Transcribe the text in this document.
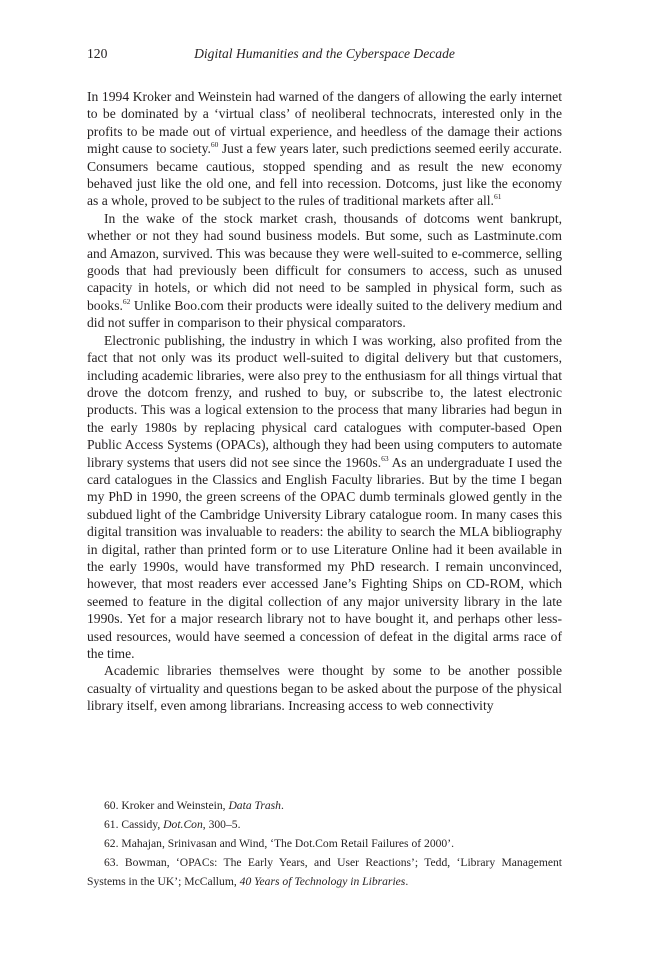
120	Digital Humanities and the Cyberspace Decade

In 1994 Kroker and Weinstein had warned of the dangers of allowing the early internet to be dominated by a ‘virtual class’ of neoliberal technocrats, interested only in the profits to be made out of virtual experience, and heedless of the damage their actions might cause to society.$^{60}$ Just a few years later, such predictions seemed eerily accurate. Consumers became cautious, stopped spending and as result the new economy behaved just like the old one, and fell into recession. Dotcoms, just like the economy as a whole, proved to be subject to the rules of traditional markets after all.$^{61}$

In the wake of the stock market crash, thousands of dotcoms went bankrupt, whether or not they had sound business models. But some, such as Lastminute.com and Amazon, survived. This was because they were well-suited to e-commerce, selling goods that had previously been difficult for consumers to access, such as unused capacity in hotels, or which did not need to be sampled in physical form, such as books.$^{62}$ Unlike Boo.com their products were ideally suited to the delivery medium and did not suffer in comparison to their physical comparators.

Electronic publishing, the industry in which I was working, also profited from the fact that not only was its product well-suited to digital delivery but that customers, including academic libraries, were also prey to the enthusiasm for all things virtual that drove the dotcom frenzy, and rushed to buy, or subscribe to, the latest electronic products. This was a logical extension to the process that many libraries had begun in the early 1980s by replacing physical card catalogues with computer-based Open Public Access Systems (OPACs), although they had been using computers to automate library systems that users did not see since the 1960s.$^{63}$ As an undergraduate I used the card catalogues in the Classics and English Faculty libraries. But by the time I began my PhD in 1990, the green screens of the OPAC dumb terminals glowed gently in the subdued light of the Cambridge University Library catalogue room. In many cases this digital transition was invaluable to readers: the ability to search the MLA bibliography in digital, rather than printed form or to use Literature Online had it been available in the early 1990s, would have transformed my PhD research. I remain unconvinced, however, that most readers ever accessed Jane’s Fighting Ships on CD-ROM, which seemed to feature in the digital collection of any major university library in the late 1990s. Yet for a major research library not to have bought it, and perhaps other less-used resources, would have seemed a concession of defeat in the digital arms race of the time.

Academic libraries themselves were thought by some to be another possible casualty of virtuality and questions began to be asked about the purpose of the physical library itself, even among librarians. Increasing access to web connectivity

60. Kroker and Weinstein, Data Trash.

61. Cassidy, Dot.Con, 300–5.

62. Mahajan, Srinivasan and Wind, ‘The Dot.Com Retail Failures of 2000’.

63. Bowman, ‘OPACs: The Early Years, and User Reactions’; Tedd, ‘Library Management Systems in the UK’; McCallum, 40 Years of Technology in Libraries.
